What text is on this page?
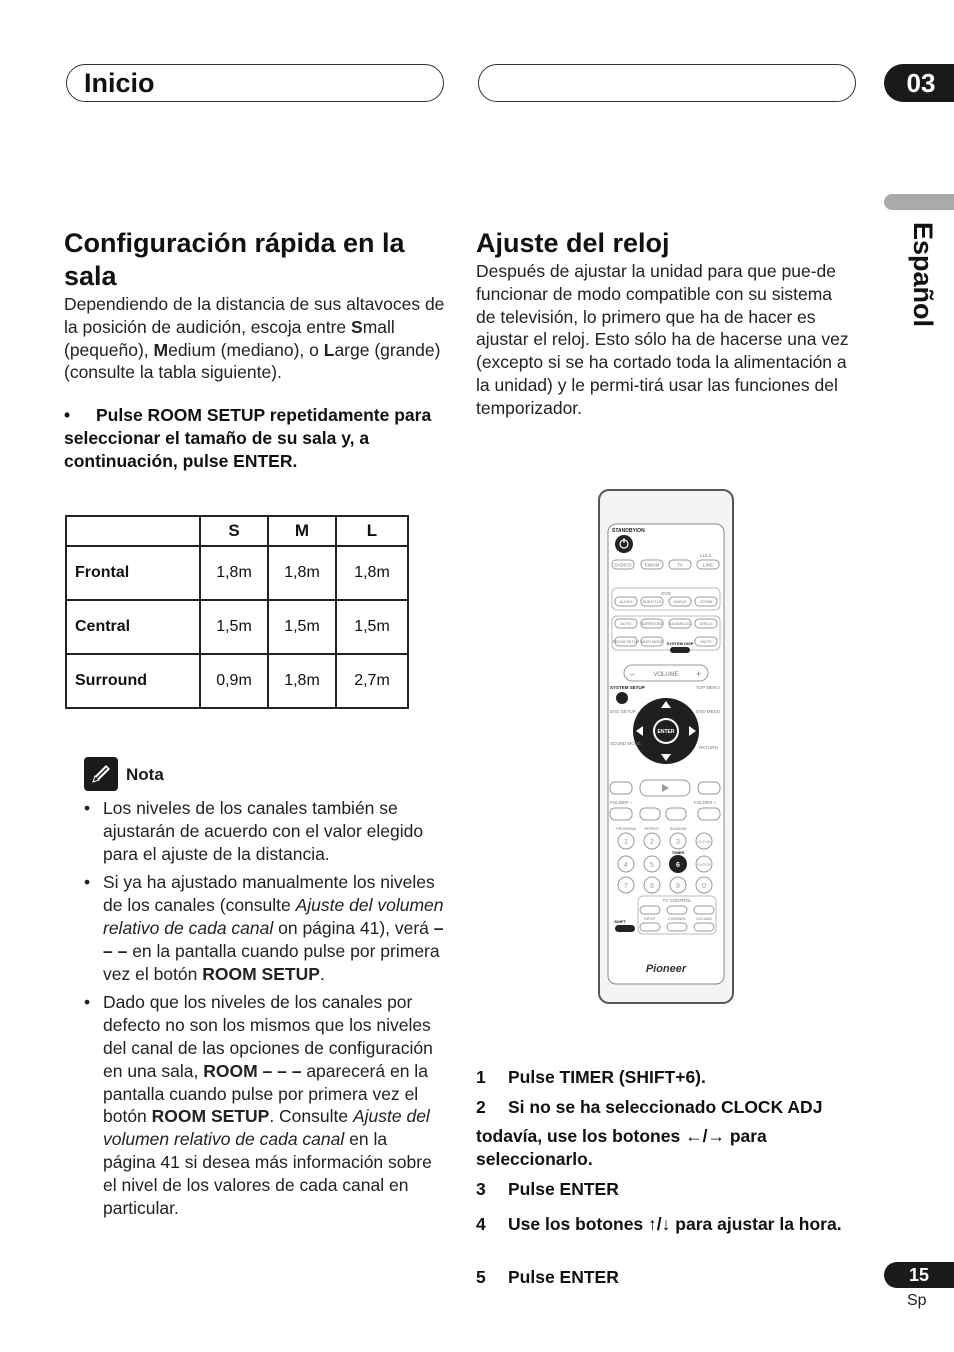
Inicio	03
Español
Configuración rápida en la sala
Dependiendo de la distancia de sus altavoces de la posición de audición, escoja entre Small (pequeño), Medium (mediano), o Large (grande) (consulte la tabla siguiente).
• Pulse ROOM SETUP repetidamente para seleccionar el tamaño de su sala y, a continuación, pulse ENTER.
	S	M	L
Frontal	1,8m	1,8m	1,8m
Central	1,5m	1,5m	1,5m
Surround	0,9m	1,8m	2,7m
Nota
• Los niveles de los canales también se ajustarán de acuerdo con el valor elegido para el ajuste de la distancia.
• Si ya ha ajustado manualmente los niveles de los canales (consulte Ajuste del volumen relativo de cada canal on página 41), verá – – – en la pantalla cuando pulse por primera vez el botón ROOM SETUP.
• Dado que los niveles de los canales por defecto no son los mismos que los niveles del canal de las opciones de configuración en una sala, ROOM – – – aparecerá en la pantalla cuando pulse por primera vez el botón ROOM SETUP. Consulte Ajuste del volumen relativo de cada canal en la página 41 si desea más información sobre el nivel de los valores de cada canal en particular.
Ajuste del reloj
Después de ajustar la unidad para que pue-de funcionar de modo compatible con su sistema de televisión, lo primero que ha de hacer es ajustar el reloj. Esto sólo ha de hacerse una vez (excepto si se ha cortado toda la alimentación a la unidad) y le permi-tirá usar las funciones del temporizador.
STANDBY/ON
L1/L2
DVD/CD	FM/AM	TV	LINE
DVD
AUDIO	SUBTITLE	ANGLE	ZOOM
AUTO SURROUND ADVANCED DISCO
ROOM SETUP BASS MODE SYSTEM DISP MUTE
VOLUME
–	+
SYSTEM SETUP	TOP MENU
DVD SETUP	DVD MENU
ENTER
SOUND MODE
RETURN
FOLDER –	FOLDER +
PROGRAM REPEAT	RANDOM
1	2	3	CLEAR
4	5
TIMER
6	ENTER
7	8	9	0
TV CONTROL
SHIFT	INPUT	CHANNEL	VOLUME
Pioneer
1 Pulse TIMER (SHIFT+6).
2 Si no se ha seleccionado CLOCK ADJ
todavía, use los botones ←/→ para seleccionarlo.
3 Pulse ENTER
4 Use los botones ↑/↓ para ajustar la hora.
5 Pulse ENTER	15
Sp
